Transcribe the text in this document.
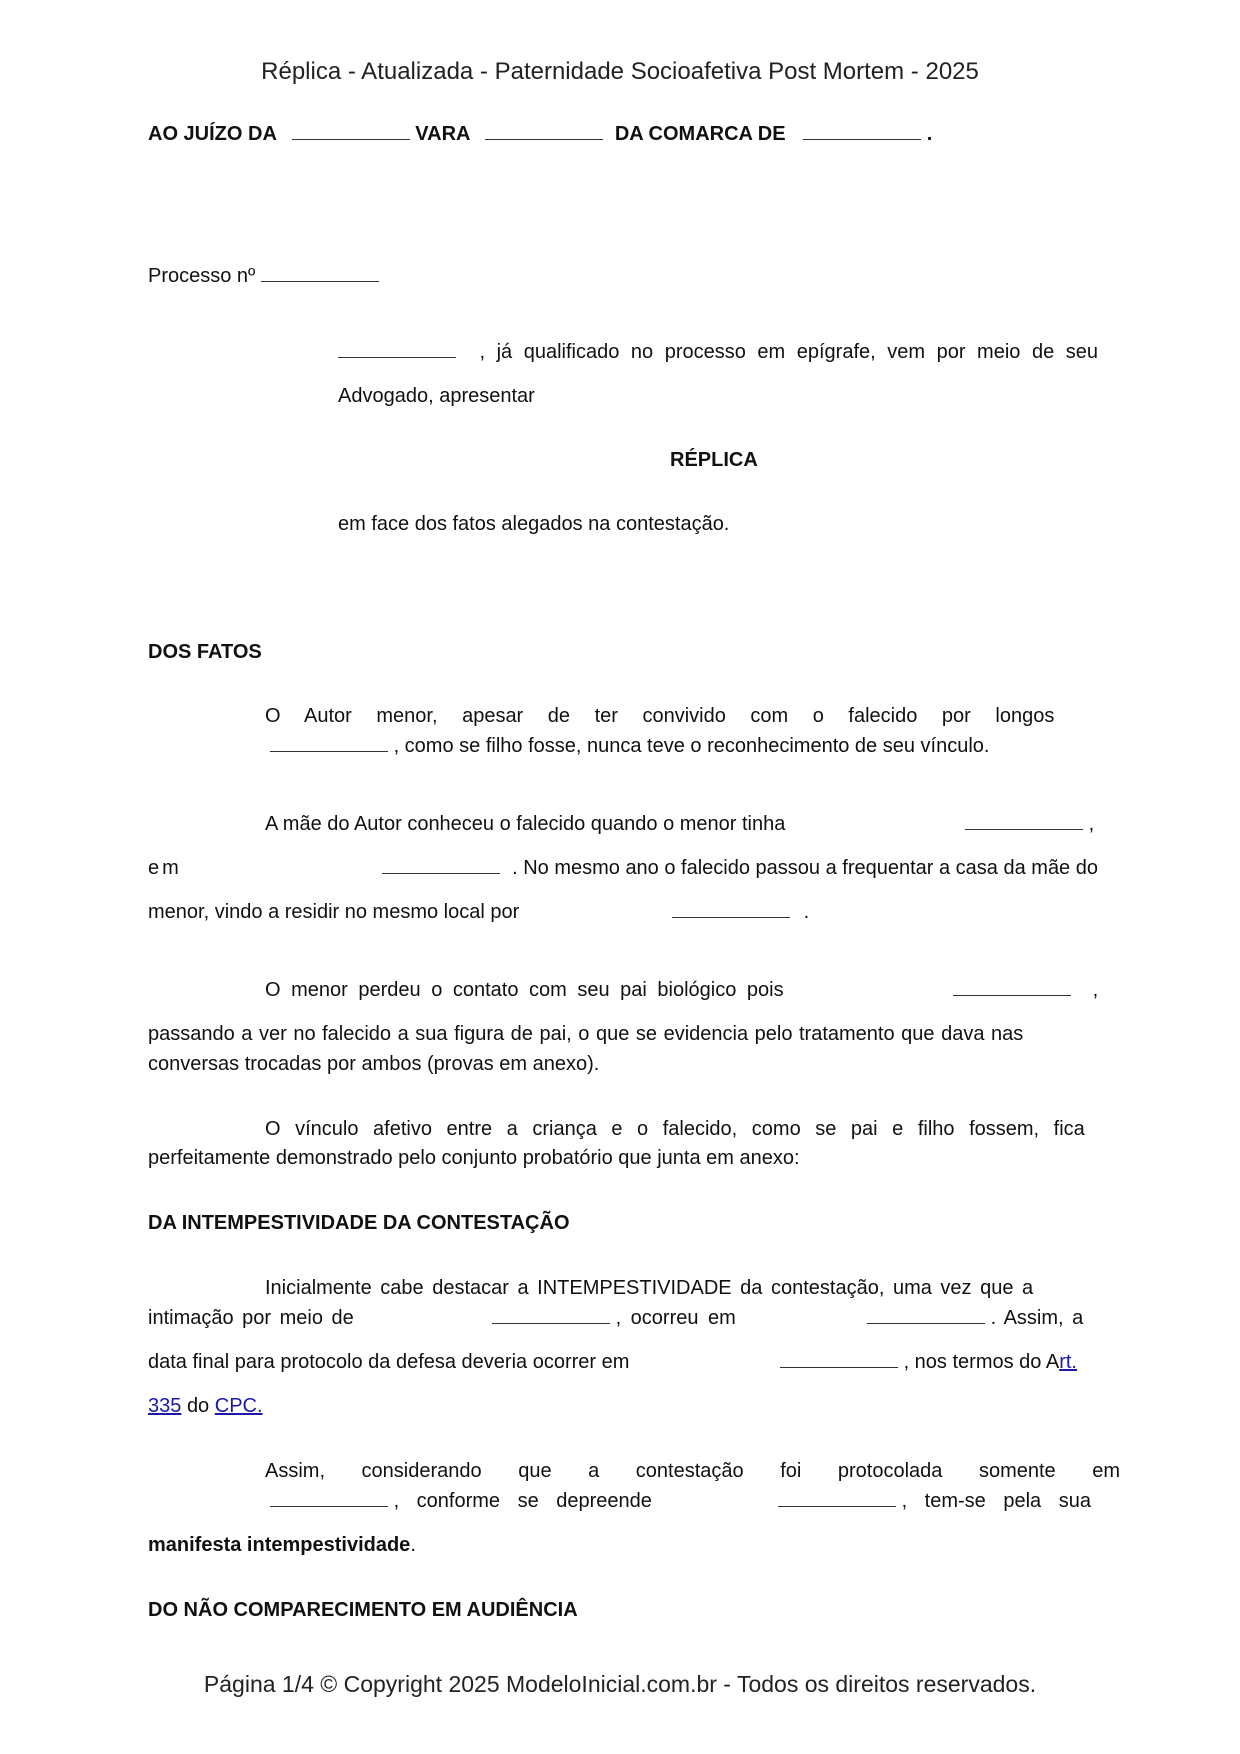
Réplica - Atualizada - Paternidade Socioafetiva Post Mortem - 2025
AO JUÍZO DA	VARA	DA COMARCA DE	.
Processo nº
, já qualificado no processo em epígrafe, vem por meio de seu
Advogado, apresentar
RÉPLICA
em face dos fatos alegados na contestação.
DOS FATOS
O Autor menor, apesar de ter convivido com o falecido por longos
, como se filho fosse, nunca teve o reconhecimento de seu vínculo.
A mãe do Autor conheceu o falecido quando o menor tinha	,
em	. No mesmo ano o falecido passou a frequentar a casa da mãe do
menor, vindo a residir no mesmo local por	.
O menor perdeu o contato com seu pai biológico pois	,
passando a ver no falecido a sua figura de pai, o que se evidencia pelo tratamento que dava nas
conversas trocadas por ambos (provas em anexo).
O vínculo afetivo entre a criança e o falecido, como se pai e filho fossem, fica
perfeitamente demonstrado pelo conjunto probatório que junta em anexo:
DA INTEMPESTIVIDADE DA CONTESTAÇÃO
Inicialmente cabe destacar a INTEMPESTIVIDADE da contestação, uma vez que a
intimação por meio de	, ocorreu em	. Assim, a
data final para protocolo da defesa deveria ocorrer em	, nos termos do Art.
335 do CPC.
Assim, considerando que a contestação foi protocolada somente em
, conforme se depreende	, tem-se pela sua
manifesta intempestividade.
DO NÃO COMPARECIMENTO EM AUDIÊNCIA
Página 1/4 © Copyright 2025 ModeloInicial.com.br - Todos os direitos reservados.
